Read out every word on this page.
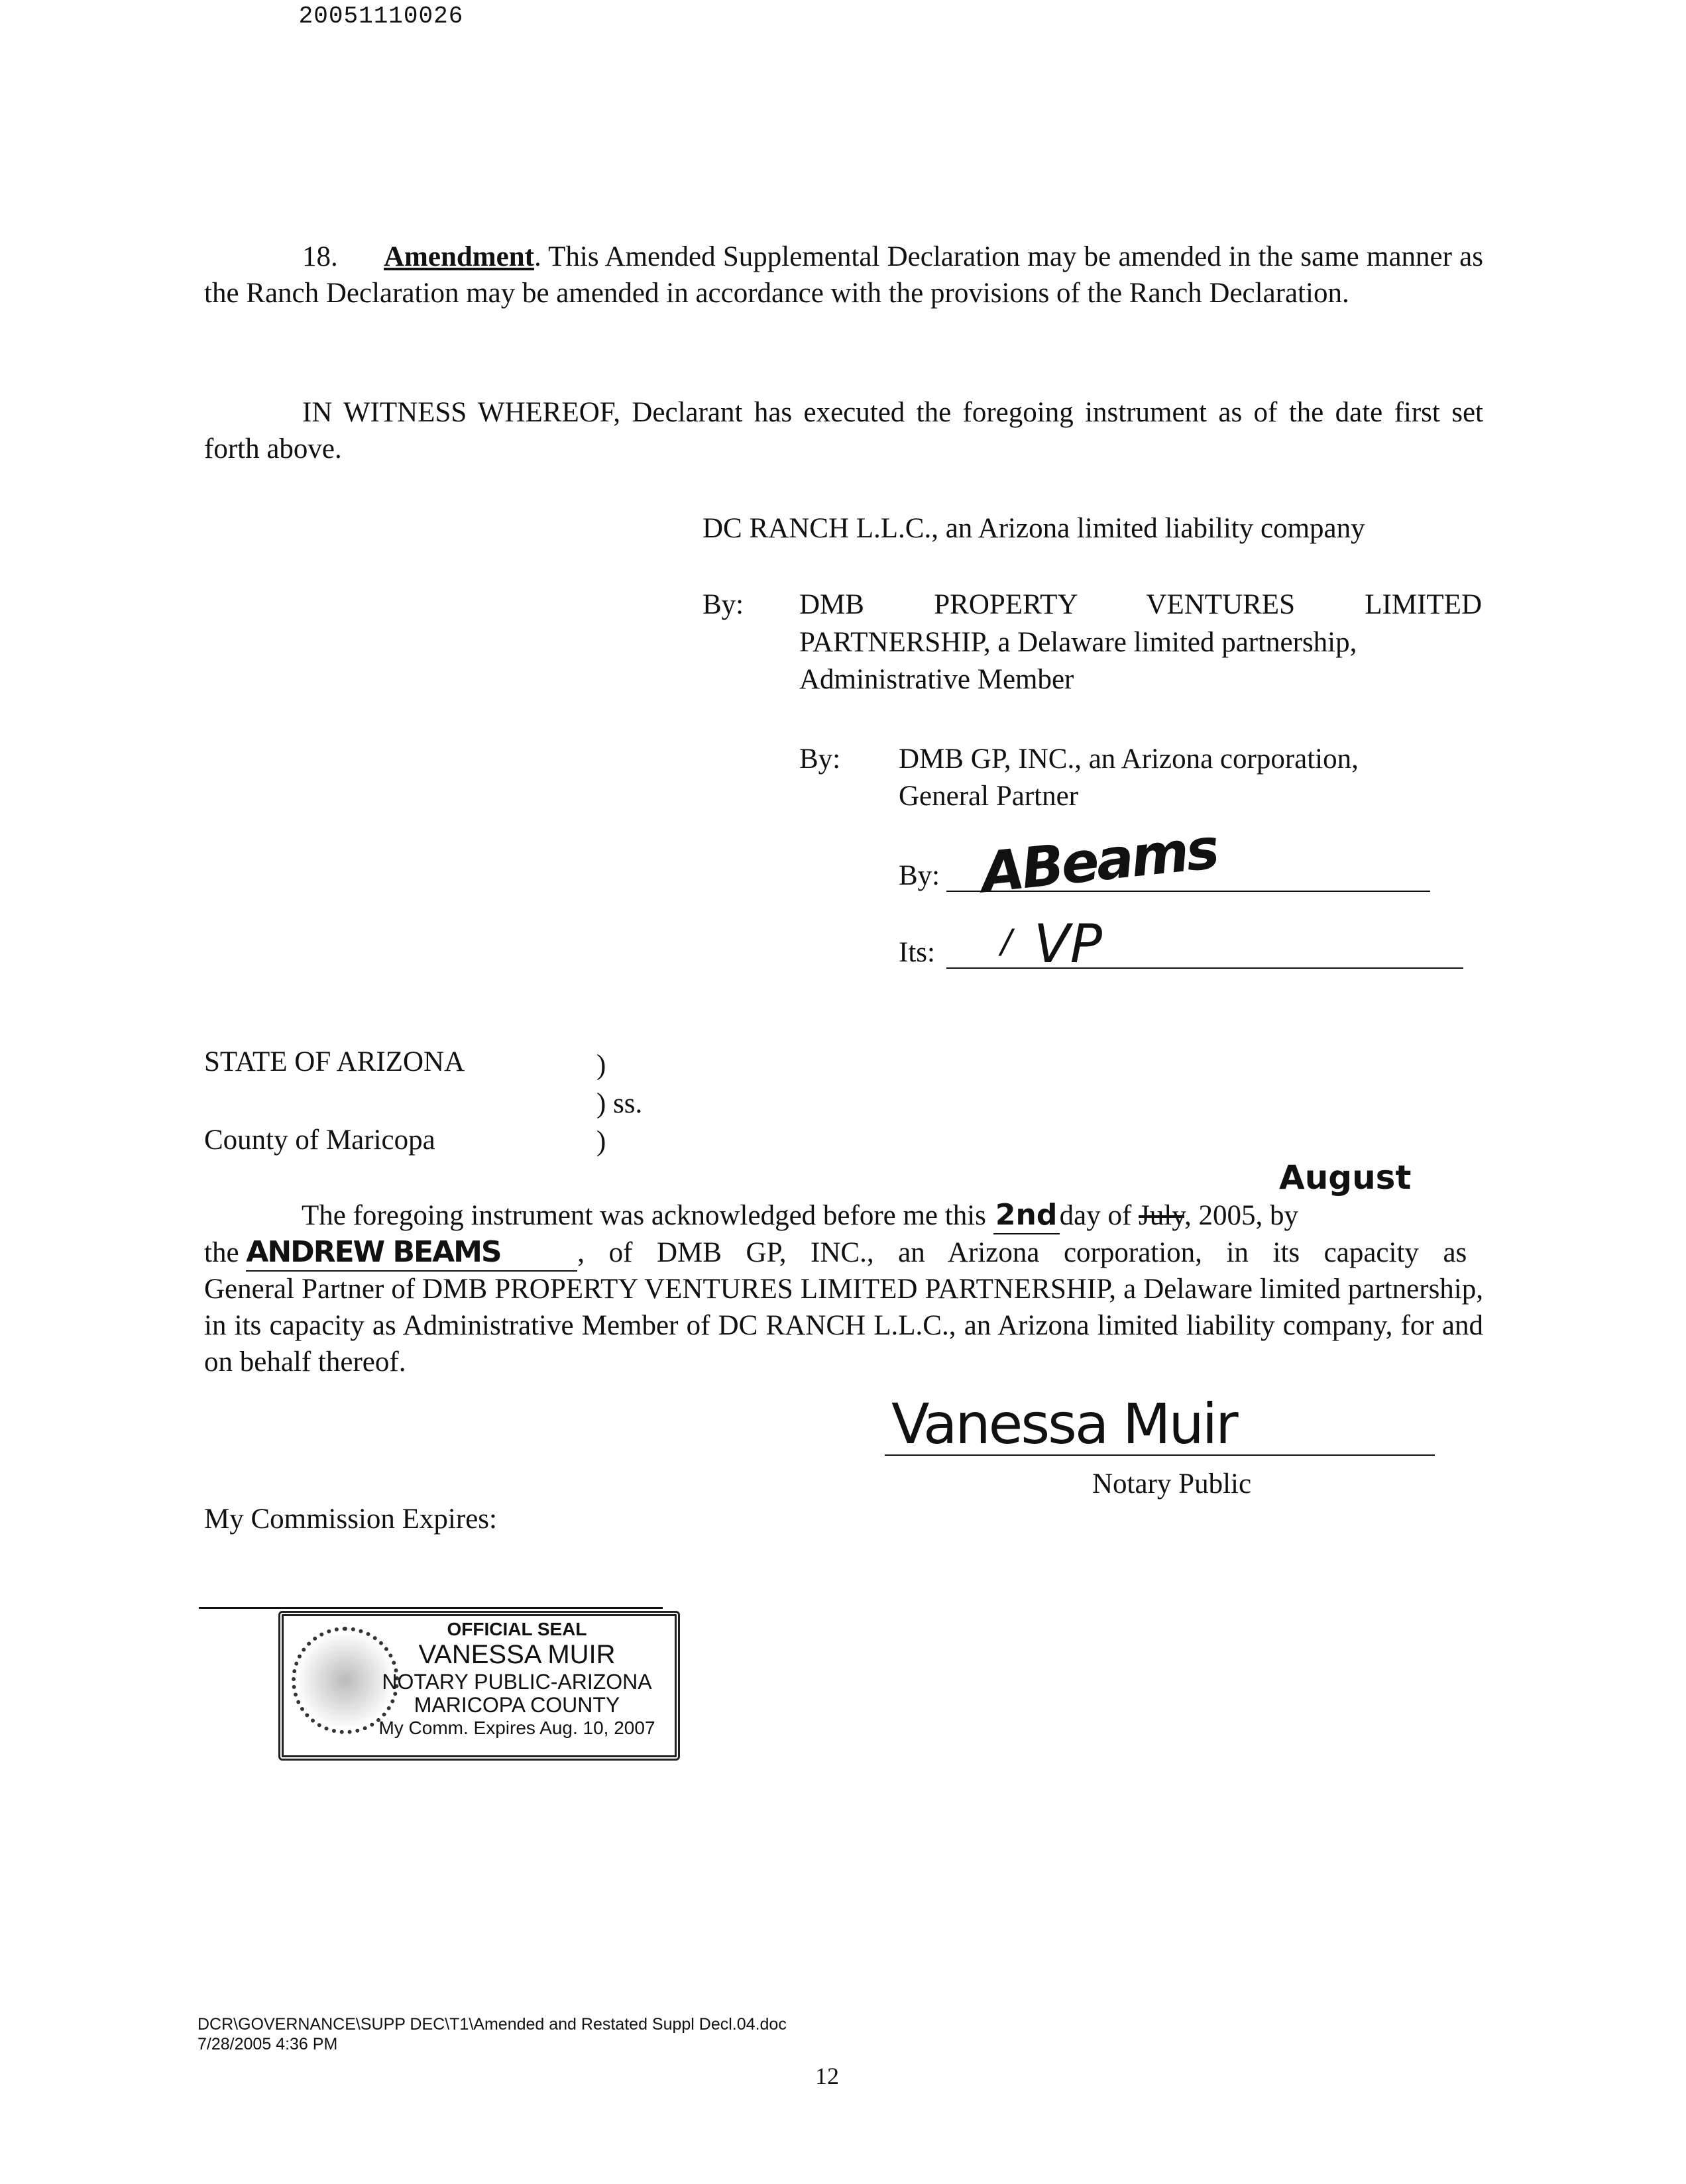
20051110026
18. Amendment. This Amended Supplemental Declaration may be amended in the same manner as the Ranch Declaration may be amended in accordance with the provisions of the Ranch Declaration.
IN WITNESS WHEREOF, Declarant has executed the foregoing instrument as of the date first set forth above.
DC RANCH L.L.C., an Arizona limited liability company
By: DMB PROPERTY VENTURES LIMITED
PARTNERSHIP, a Delaware limited partnership,
Administrative Member
By: DMB GP, INC., an Arizona corporation,
General Partner
By: ABeams
Its: VP
/
STATE OF ARIZONA	)
) ss.
County of Maricopa	)
August
The foregoing instrument was acknowledged before me this 2ndday of July, 2005, by
the ANDREW BEAMS	, of DMB GP, INC., an Arizona corporation, in its capacity as
General Partner of DMB PROPERTY VENTURES LIMITED PARTNERSHIP, a Delaware limited partnership, in its capacity as Administrative Member of DC RANCH L.L.C., an Arizona limited liability company, for and on behalf thereof.
Vanessa Muir
Notary Public
My Commission Expires:
OFFICIAL SEAL
VANESSA MUIR
NOTARY PUBLIC-ARIZONA
MARICOPA COUNTY
My Comm. Expires Aug. 10, 2007
DCR\GOVERNANCE\SUPP DEC\T1\Amended and Restated Suppl Decl.04.doc
7/28/2005 4:36 PM
12
